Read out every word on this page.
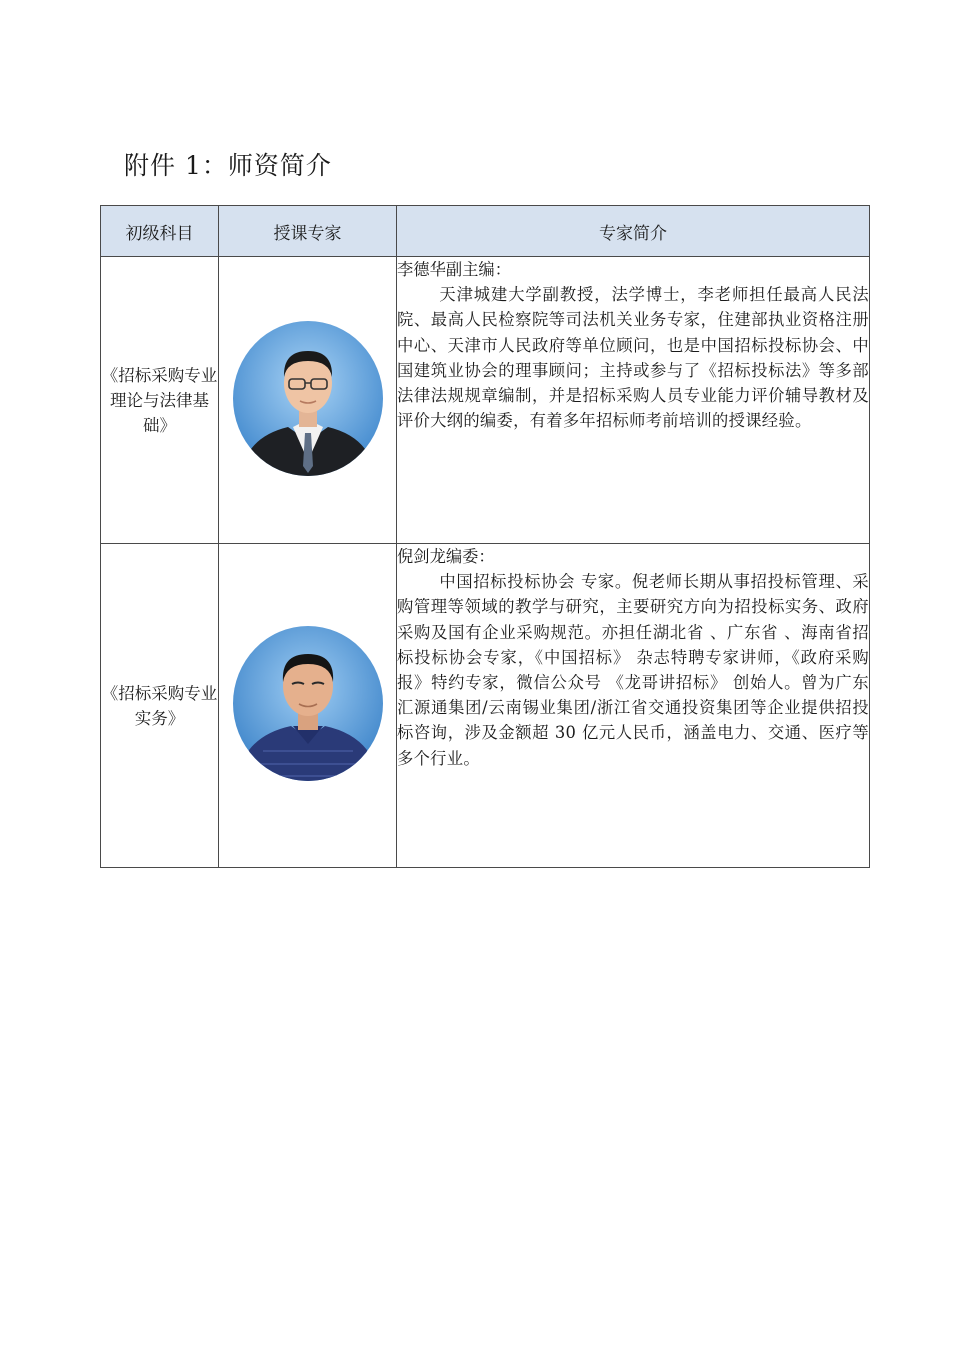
附件 1：师资简介
初级科目	授课专家	专家简介
《招标采购专业理论与法律基础》		李德华副主编：

天津城建大学副教授，法学博士，李老师担任最高人民法院、最高人民检察院等司法机关业务专家，住建部执业资格注册中心、天津市人民政府等单位顾问，也是中国招标投标协会、中国建筑业协会的理事顾问；主持或参与了《招标投标法》等多部法律法规规章编制，并是招标采购人员专业能力评价辅导教材及评价大纲的编委，有着多年招标师考前培训的授课经验。

《招标采购专业实务》		倪剑龙编委：

中国招标投标协会 专家。倪老师长期从事招投标管理、采购管理等领域的教学与研究，主要研究方向为招投标实务、政府采购及国有企业采购规范。亦担任湖北省 、广东省 、海南省招标投标协会专家，《中国招标》 杂志特聘专家讲师，《政府采购报》特约专家，微信公众号 《龙哥讲招标》 创始人。曾为广东汇源通集团/云南锡业集团/浙江省交通投资集团等企业提供招投标咨询，涉及金额超 30 亿元人民币，涵盖电力、交通、医疗等多个行业。
